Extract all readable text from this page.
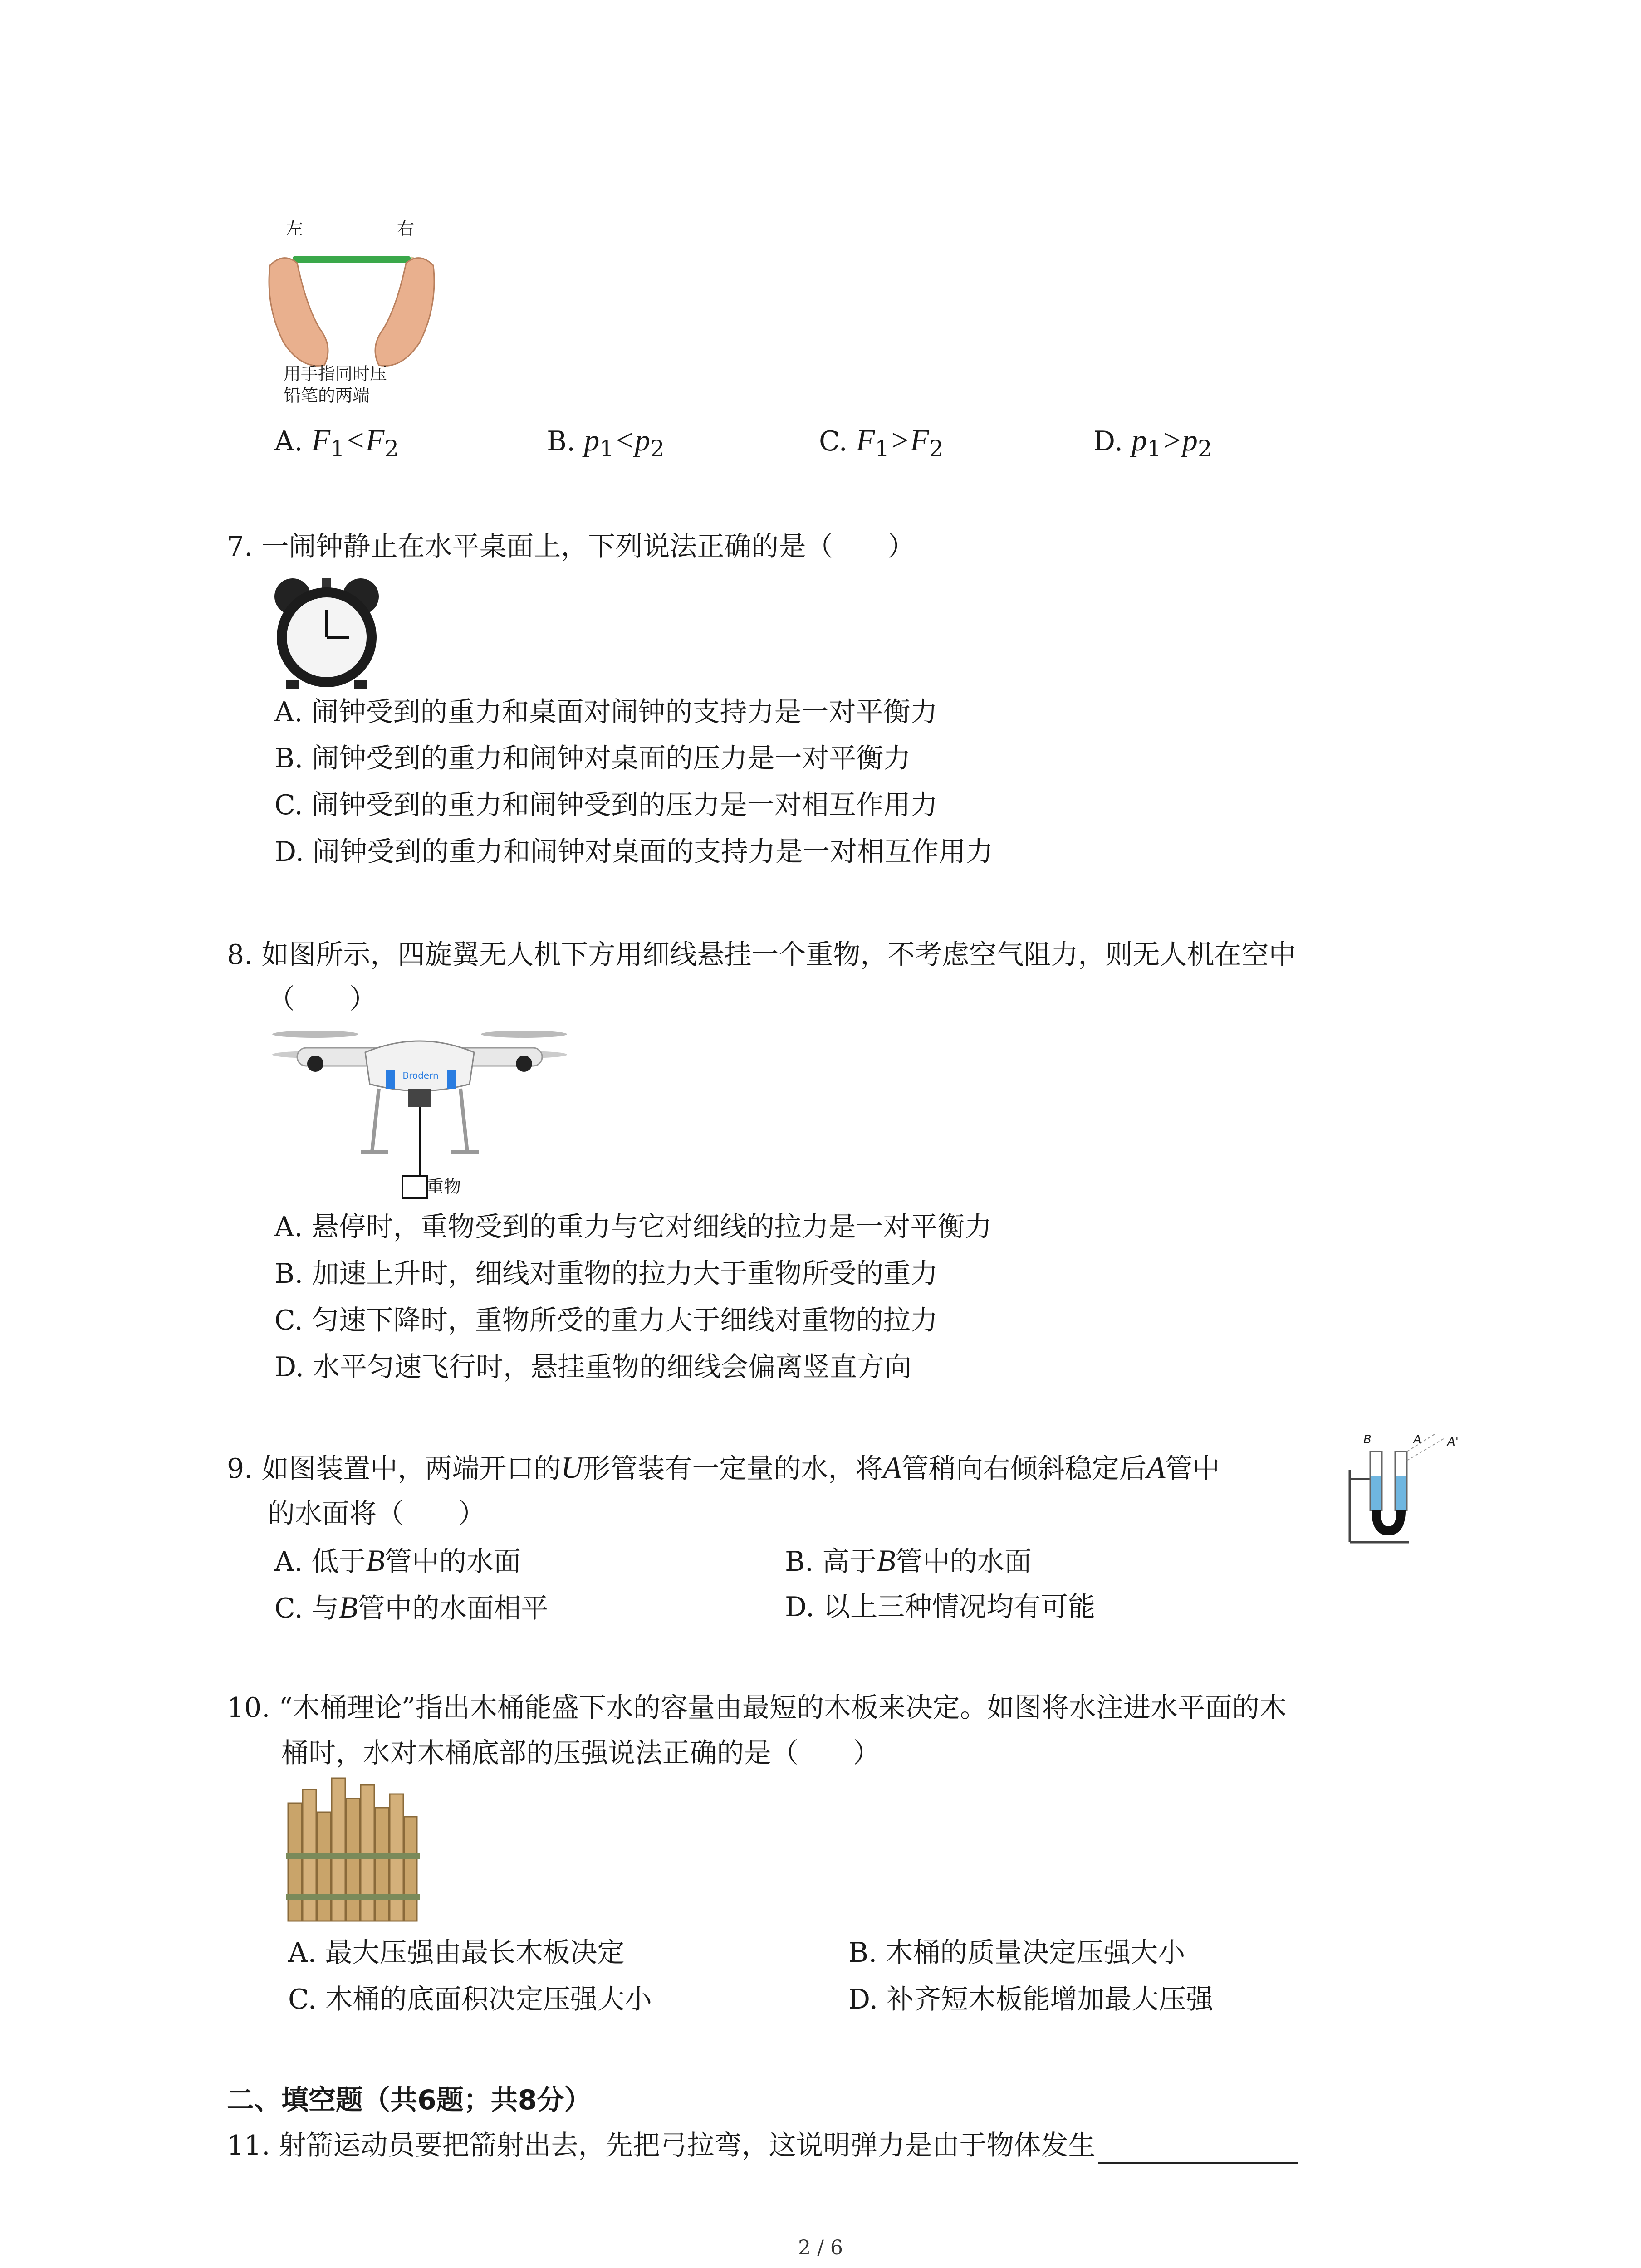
左	右
用手指同时压
铅笔的两端
A. $F_1<F_2$	B. $p_1<p_2$	C. $F_1>F_2$	D. $p_1>p_2$
7. 一闹钟静止在水平桌面上，下列说法正确的是（　　）
A. 闹钟受到的重力和桌面对闹钟的支持力是一对平衡力
B. 闹钟受到的重力和闹钟对桌面的压力是一对平衡力
C. 闹钟受到的重力和闹钟受到的压力是一对相互作用力
D. 闹钟受到的重力和闹钟对桌面的支持力是一对相互作用力
8. 如图所示，四旋翼无人机下方用细线悬挂一个重物，不考虑空气阻力，则无人机在空中
（　　）
Brodern
重物
A. 悬停时，重物受到的重力与它对细线的拉力是一对平衡力
B. 加速上升时，细线对重物的拉力大于重物所受的重力
C. 匀速下降时，重物所受的重力大于细线对重物的拉力
D. 水平匀速飞行时，悬挂重物的细线会偏离竖直方向
9. 如图装置中，两端开口的U形管装有一定量的水，将A管稍向右倾斜稳定后A管中
的水面将（　　）
B	A A'
A. 低于B管中的水面	B. 高于B管中的水面
C. 与B管中的水面相平	D. 以上三种情况均有可能
10. “木桶理论”指出木桶能盛下水的容量由最短的木板来决定。如图将水注进水平面的木
桶时，水对木桶底部的压强说法正确的是（　　）
A. 最大压强由最长木板决定	B. 木桶的质量决定压强大小
C. 木桶的底面积决定压强大小	D. 补齐短木板能增加最大压强
二、填空题（共6题；共8分）
11. 射箭运动员要把箭射出去，先把弓拉弯，这说明弹力是由于物体发生
2 / 6
